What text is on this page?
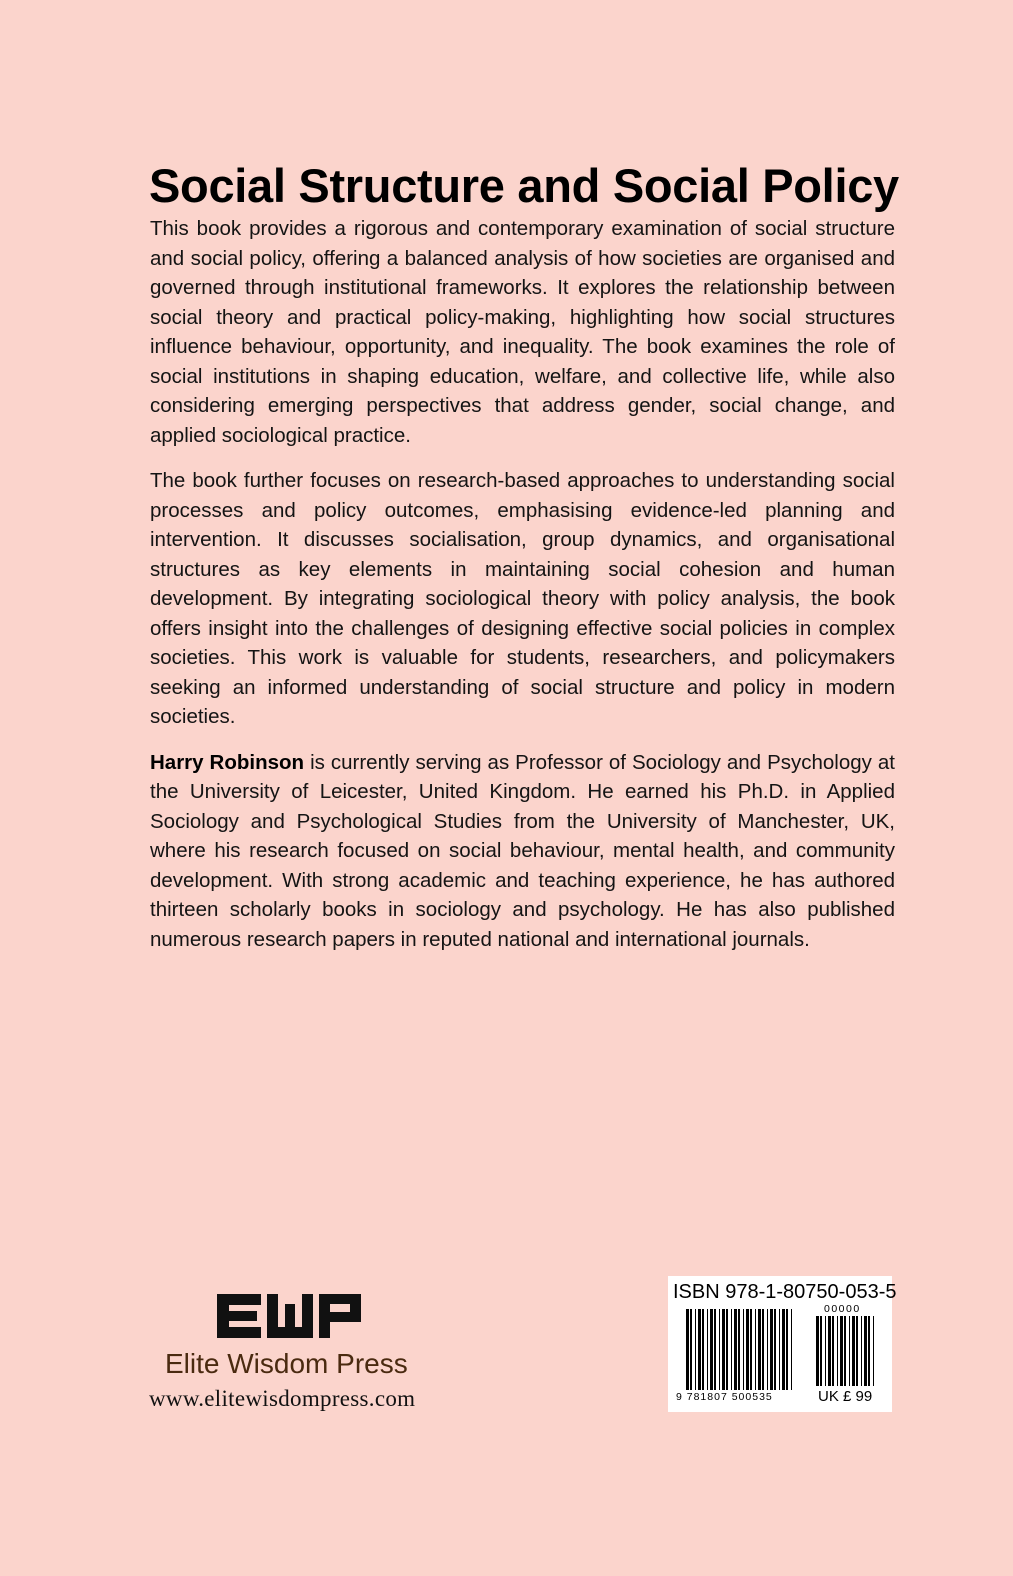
Social Structure and Social Policy

This book provides a rigorous and contemporary examination of social structure and social policy, offering a balanced analysis of how societies are organised and governed through institutional frameworks. It explores the relationship between social theory and practical policy-making, highlighting how social structures influence behaviour, opportunity, and inequality. The book examines the role of social institutions in shaping education, welfare, and collective life, while also considering emerging perspectives that address gender, social change, and applied sociological practice.

The book further focuses on research-based approaches to understanding social processes and policy outcomes, emphasising evidence-led planning and intervention. It discusses socialisation, group dynamics, and organisational structures as key elements in maintaining social cohesion and human development. By integrating sociological theory with policy analysis, the book offers insight into the challenges of designing effective social policies in complex societies. This work is valuable for students, researchers, and policymakers seeking an informed understanding of social structure and policy in modern societies.

Harry Robinson is currently serving as Professor of Sociology and Psychology at the University of Leicester, United Kingdom. He earned his Ph.D. in Applied Sociology and Psychological Studies from the University of Manchester, UK, where his research focused on social behaviour, mental health, and community development. With strong academic and teaching experience, he has authored thirteen scholarly books in sociology and psychology. He has also published numerous research papers in reputed national and international journals.

Elite Wisdom Press
www.elitewisdompress.com
ISBN 978-1-80750-053-5
9 781807 500535
00000
UK £ 99
